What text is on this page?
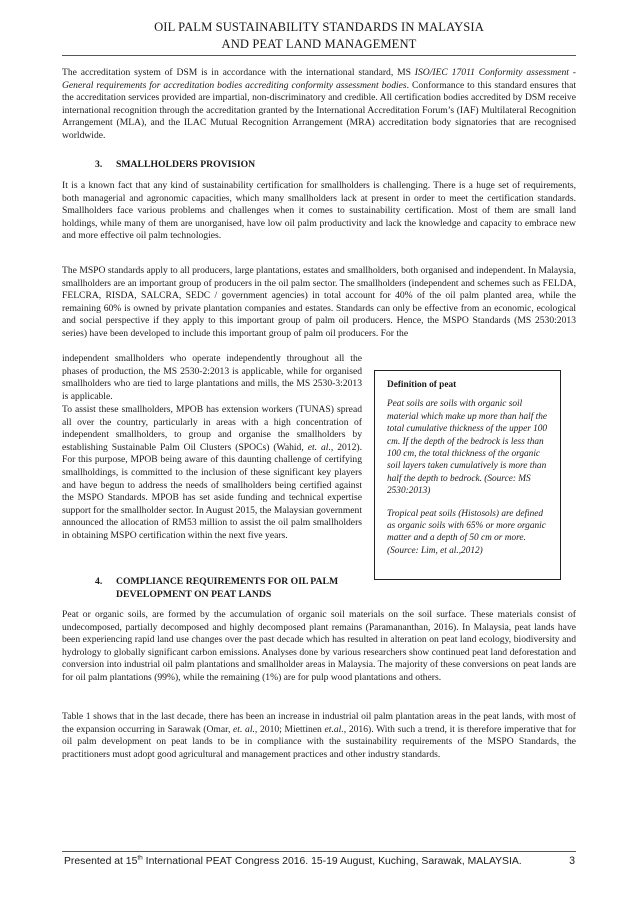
OIL PALM SUSTAINABILITY STANDARDS IN MALAYSIA
AND PEAT LAND MANAGEMENT
The accreditation system of DSM is in accordance with the international standard, MS ISO/IEC 17011 Conformity assessment - General requirements for accreditation bodies accrediting conformity assessment bodies. Conformance to this standard ensures that the accreditation services provided are impartial, non-discriminatory and credible. All certification bodies accredited by DSM receive international recognition through the accreditation granted by the International Accreditation Forum’s (IAF) Multilateral Recognition Arrangement (MLA), and the ILAC Mutual Recognition Arrangement (MRA) accreditation body signatories that are recognised worldwide.
3. SMALLHOLDERS PROVISION
It is a known fact that any kind of sustainability certification for smallholders is challenging. There is a huge set of requirements, both managerial and agronomic capacities, which many smallholders lack at present in order to meet the certification standards. Smallholders face various problems and challenges when it comes to sustainability certification. Most of them are small land holdings, while many of them are unorganised, have low oil palm productivity and lack the knowledge and capacity to embrace new and more effective oil palm technologies.
The MSPO standards apply to all producers, large plantations, estates and smallholders, both organised and independent. In Malaysia, smallholders are an important group of producers in the oil palm sector. The smallholders (independent and schemes such as FELDA, FELCRA, RISDA, SALCRA, SEDC / government agencies) in total account for 40% of the oil palm planted area, while the remaining 60% is owned by private plantation companies and estates. Standards can only be effective from an economic, ecological and social perspective if they apply to this important group of palm oil producers. Hence, the MSPO Standards (MS 2530:2013 series) have been developed to include this important group of palm oil producers. For the
independent smallholders who operate independently throughout all the phases of production, the MS 2530-2:2013 is applicable, while for organised smallholders who are tied to large plantations and mills, the MS 2530-3:2013 is applicable.
To assist these smallholders, MPOB has extension workers (TUNAS) spread all over the country, particularly in areas with a high concentration of independent smallholders, to group and organise the smallholders by establishing Sustainable Palm Oil Clusters (SPOCs) (Wahid, et. al., 2012). For this purpose, MPOB being aware of this daunting challenge of certifying smallholdings, is committed to the inclusion of these significant key players and have begun to address the needs of smallholders being certified against the MSPO Standards. MPOB has set aside funding and technical expertise support for the smallholder sector. In August 2015, the Malaysian government announced the allocation of RM53 million to assist the oil palm smallholders in obtaining MSPO certification within the next five years.
4. COMPLIANCE REQUIREMENTS FOR OIL PALM
DEVELOPMENT ON PEAT LANDS
Peat or organic soils, are formed by the accumulation of organic soil materials on the soil surface. These materials consist of undecomposed, partially decomposed and highly decomposed plant remains (Paramananthan, 2016). In Malaysia, peat lands have been experiencing rapid land use changes over the past decade which has resulted in alteration on peat land ecology, biodiversity and hydrology to globally significant carbon emissions. Analyses done by various researchers show continued peat land deforestation and conversion into industrial oil palm plantations and smallholder areas in Malaysia. The majority of these conversions on peat lands are for oil palm plantations (99%), while the remaining (1%) are for pulp wood plantations and others.
Table 1 shows that in the last decade, there has been an increase in industrial oil palm plantation areas in the peat lands, with most of the expansion occurring in Sarawak (Omar, et. al., 2010; Miettinen et.al., 2016). With such a trend, it is therefore imperative that for oil palm development on peat lands to be in compliance with the sustainability requirements of the MSPO Standards, the practitioners must adopt good agricultural and management practices and other industry standards.
Definition of peat
Peat soils are soils with organic soil material which make up more than half the total cumulative thickness of the upper 100 cm. If the depth of the bedrock is less than 100 cm, the total thickness of the organic soil layers taken cumulatively is more than half the depth to bedrock. (Source: MS 2530:2013)
Tropical peat soils (Histosols) are defined as organic soils with 65% or more organic matter and a depth of 50 cm or more. (Source: Lim, et al.,2012)
Presented at 15th International PEAT Congress 2016. 15-19 August, Kuching, Sarawak, MALAYSIA.	3
